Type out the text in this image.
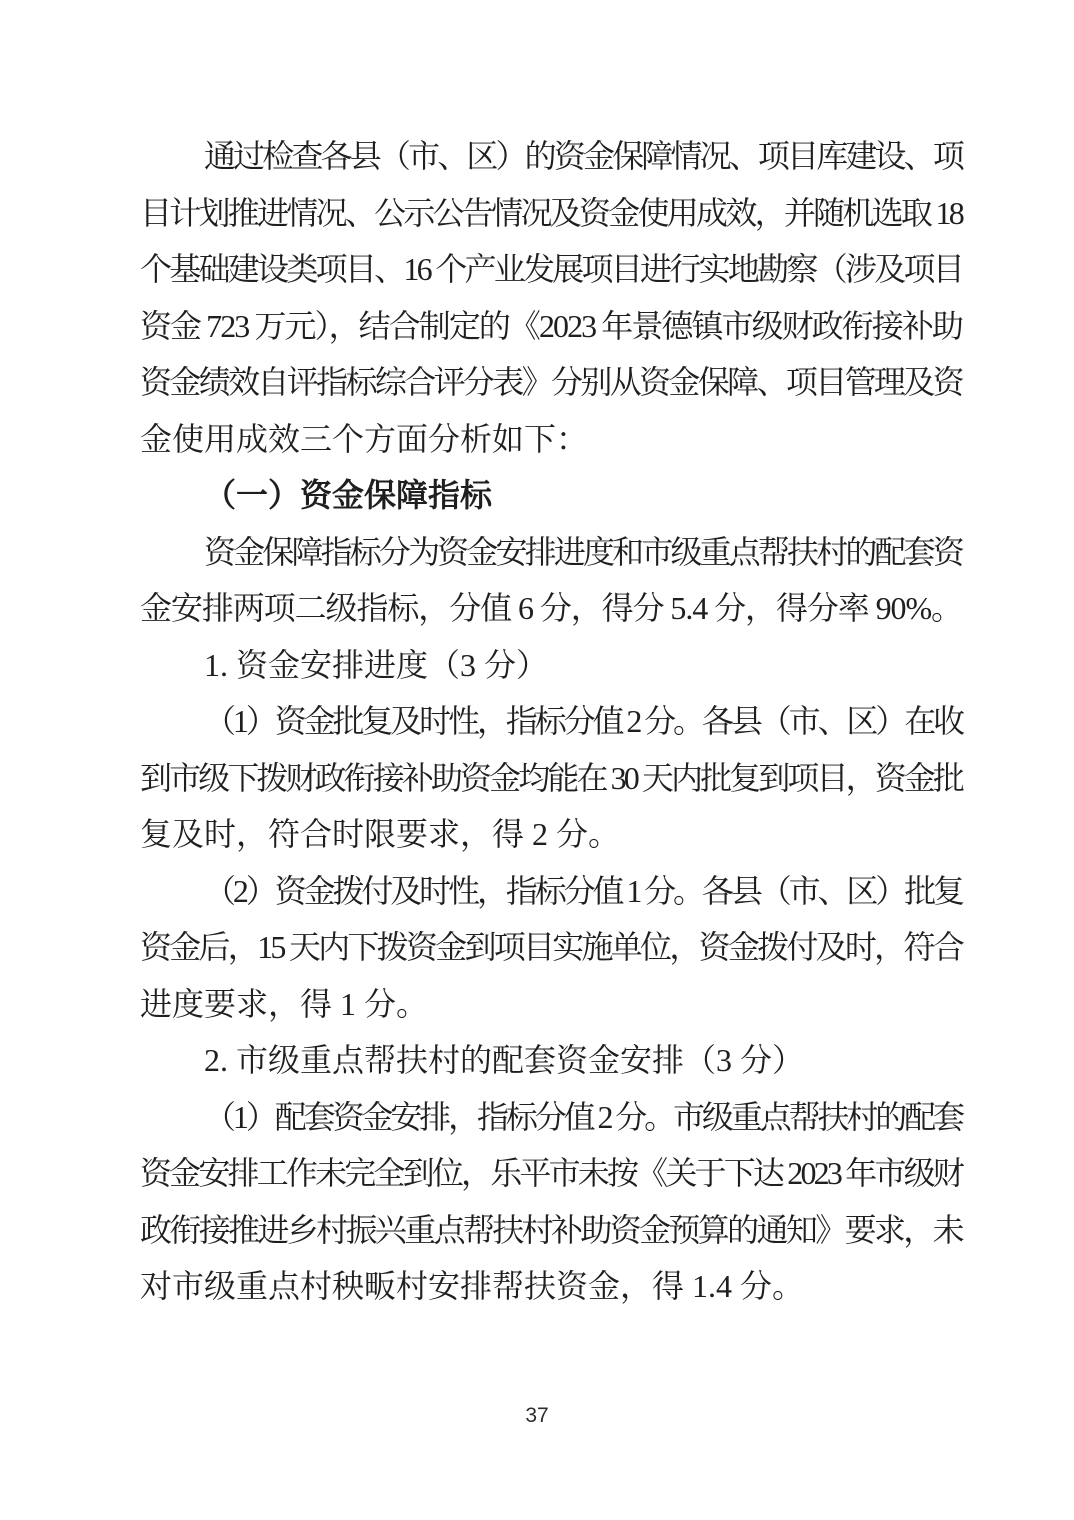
通过检查各县（市、区）的资金保障情况、项目库建设、项
目计划推进情况、公示公告情况及资金使用成效，并随机选取 18
个基础建设类项目、16 个产业发展项目进行实地勘察（涉及项目
资金 723 万元），结合制定的《2023 年景德镇市级财政衔接补助
资金绩效自评指标综合评分表》分别从资金保障、项目管理及资
金使用成效三个方面分析如下：
（一）资金保障指标
资金保障指标分为资金安排进度和市级重点帮扶村的配套资
金安排两项二级指标，分值 6 分，得分 5.4 分，得分率 90%。
1. 资金安排进度（3 分）
（1）资金批复及时性，指标分值 2 分。各县（市、区）在收
到市级下拨财政衔接补助资金均能在 30 天内批复到项目，资金批
复及时，符合时限要求，得 2 分。
（2）资金拨付及时性，指标分值 1 分。各县（市、区）批复
资金后，15 天内下拨资金到项目实施单位，资金拨付及时，符合
进度要求，得 1 分。
2. 市级重点帮扶村的配套资金安排（3 分）
（1）配套资金安排，指标分值 2 分。市级重点帮扶村的配套
资金安排工作未完全到位，乐平市未按《关于下达 2023 年市级财
政衔接推进乡村振兴重点帮扶村补助资金预算的通知》要求，未
对市级重点村秧畈村安排帮扶资金，得 1.4 分。
37
